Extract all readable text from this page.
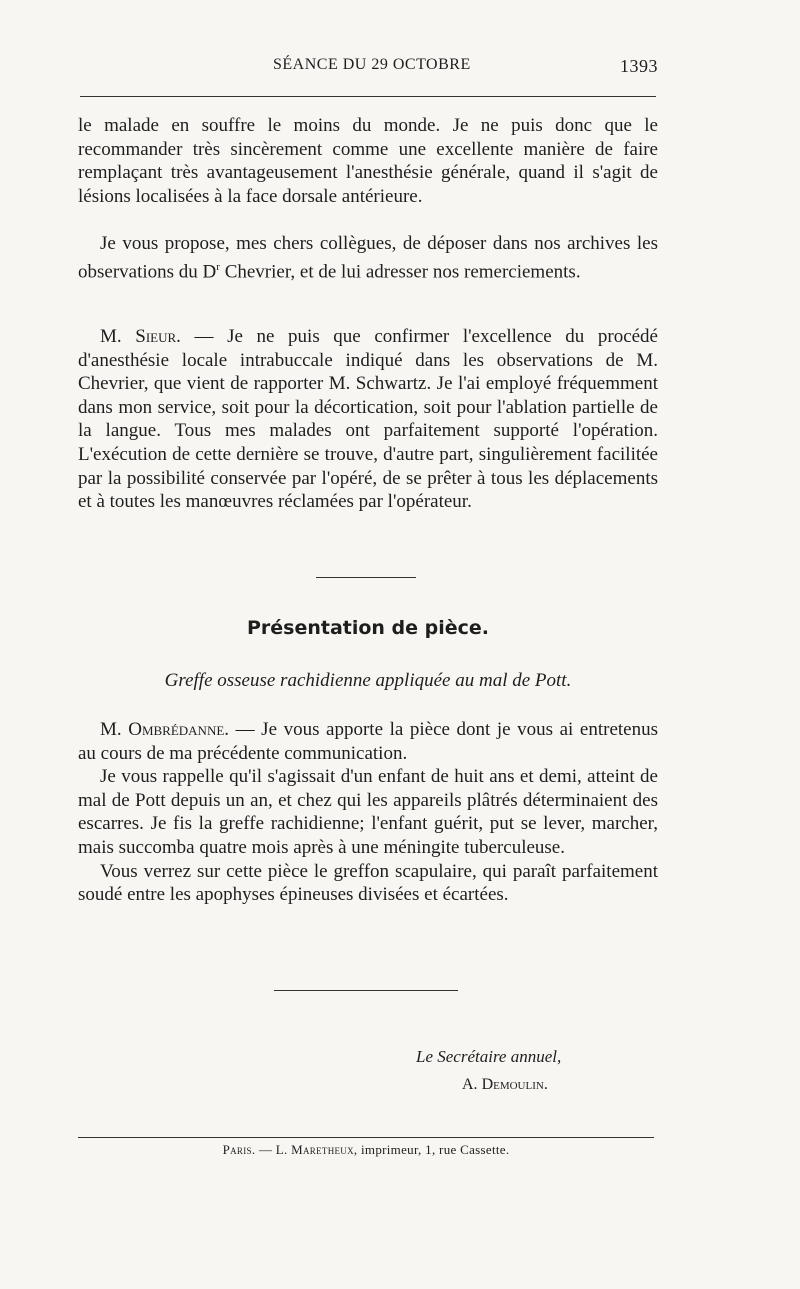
SÉANCE DU 29 OCTOBRE	1393

le malade en souffre le moins du monde. Je ne puis donc que le recommander très sincèrement comme une excellente manière de faire remplaçant très avantageusement l'anesthésie générale, quand il s'agit de lésions localisées à la face dorsale antérieure.

Je vous propose, mes chers collègues, de déposer dans nos archives les observations du $D^r$ Chevrier, et de lui adresser nos remerciements.

M. Sieur. — Je ne puis que confirmer l'excellence du procédé d'anesthésie locale intrabuccale indiqué dans les observations de M. Chevrier, que vient de rapporter M. Schwartz. Je l'ai employé fréquemment dans mon service, soit pour la décortication, soit pour l'ablation partielle de la langue. Tous mes malades ont parfaitement supporté l'opération. L'exécution de cette dernière se trouve, d'autre part, singulièrement facilitée par la possibilité conservée par l'opéré, de se prêter à tous les déplacements et à toutes les manœuvres réclamées par l'opérateur.

Présentation de pièce.
Greffe osseuse rachidienne appliquée au mal de Pott.

M. Ombrédanne. — Je vous apporte la pièce dont je vous ai entretenus au cours de ma précédente communication.

Je vous rappelle qu'il s'agissait d'un enfant de huit ans et demi, atteint de mal de Pott depuis un an, et chez qui les appareils plâtrés déterminaient des escarres. Je fis la greffe rachidienne; l'enfant guérit, put se lever, marcher, mais succomba quatre mois après à une méningite tuberculeuse.

Vous verrez sur cette pièce le greffon scapulaire, qui paraît parfaitement soudé entre les apophyses épineuses divisées et écartées.

Le Secrétaire annuel,
A. Demoulin.
Paris. — L. Maretheux, imprimeur, 1, rue Cassette.
